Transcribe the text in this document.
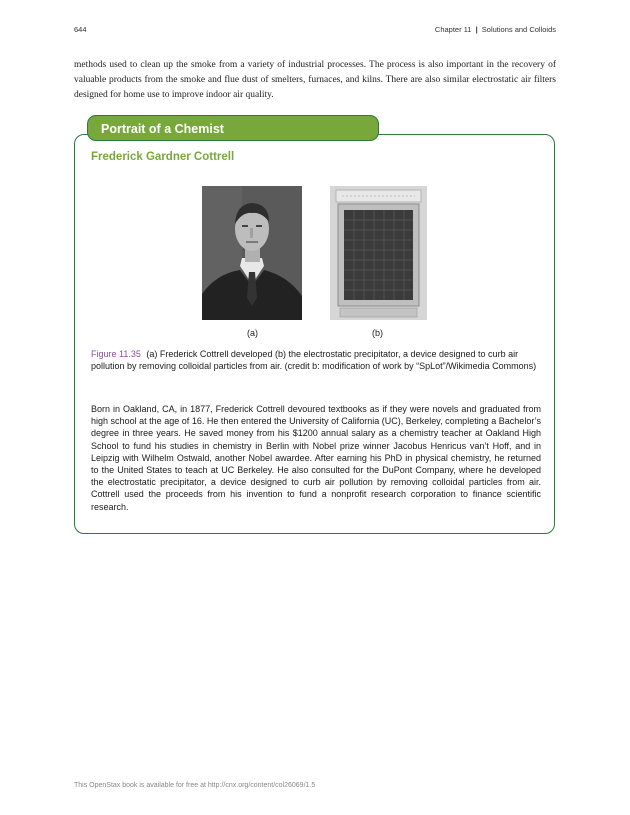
644	Chapter 11 | Solutions and Colloids
methods used to clean up the smoke from a variety of industrial processes. The process is also important in the recovery of valuable products from the smoke and flue dust of smelters, furnaces, and kilns. There are also similar electrostatic air filters designed for home use to improve indoor air quality.
Portrait of a Chemist
Frederick Gardner Cottrell
(a)	(b)
Figure 11.35 (a) Frederick Cottrell developed (b) the electrostatic precipitator, a device designed to curb air pollution by removing colloidal particles from air. (credit b: modification of work by “SpLot”/Wikimedia Commons)
Born in Oakland, CA, in 1877, Frederick Cottrell devoured textbooks as if they were novels and graduated from high school at the age of 16. He then entered the University of California (UC), Berkeley, completing a Bachelor’s degree in three years. He saved money from his $1200 annual salary as a chemistry teacher at Oakland High School to fund his studies in chemistry in Berlin with Nobel prize winner Jacobus Henricus van’t Hoff, and in Leipzig with Wilhelm Ostwald, another Nobel awardee. After earning his PhD in physical chemistry, he returned to the United States to teach at UC Berkeley. He also consulted for the DuPont Company, where he developed the electrostatic precipitator, a device designed to curb air pollution by removing colloidal particles from air. Cottrell used the proceeds from his invention to fund a nonprofit research corporation to finance scientific research.
This OpenStax book is available for free at http://cnx.org/content/col26069/1.5
